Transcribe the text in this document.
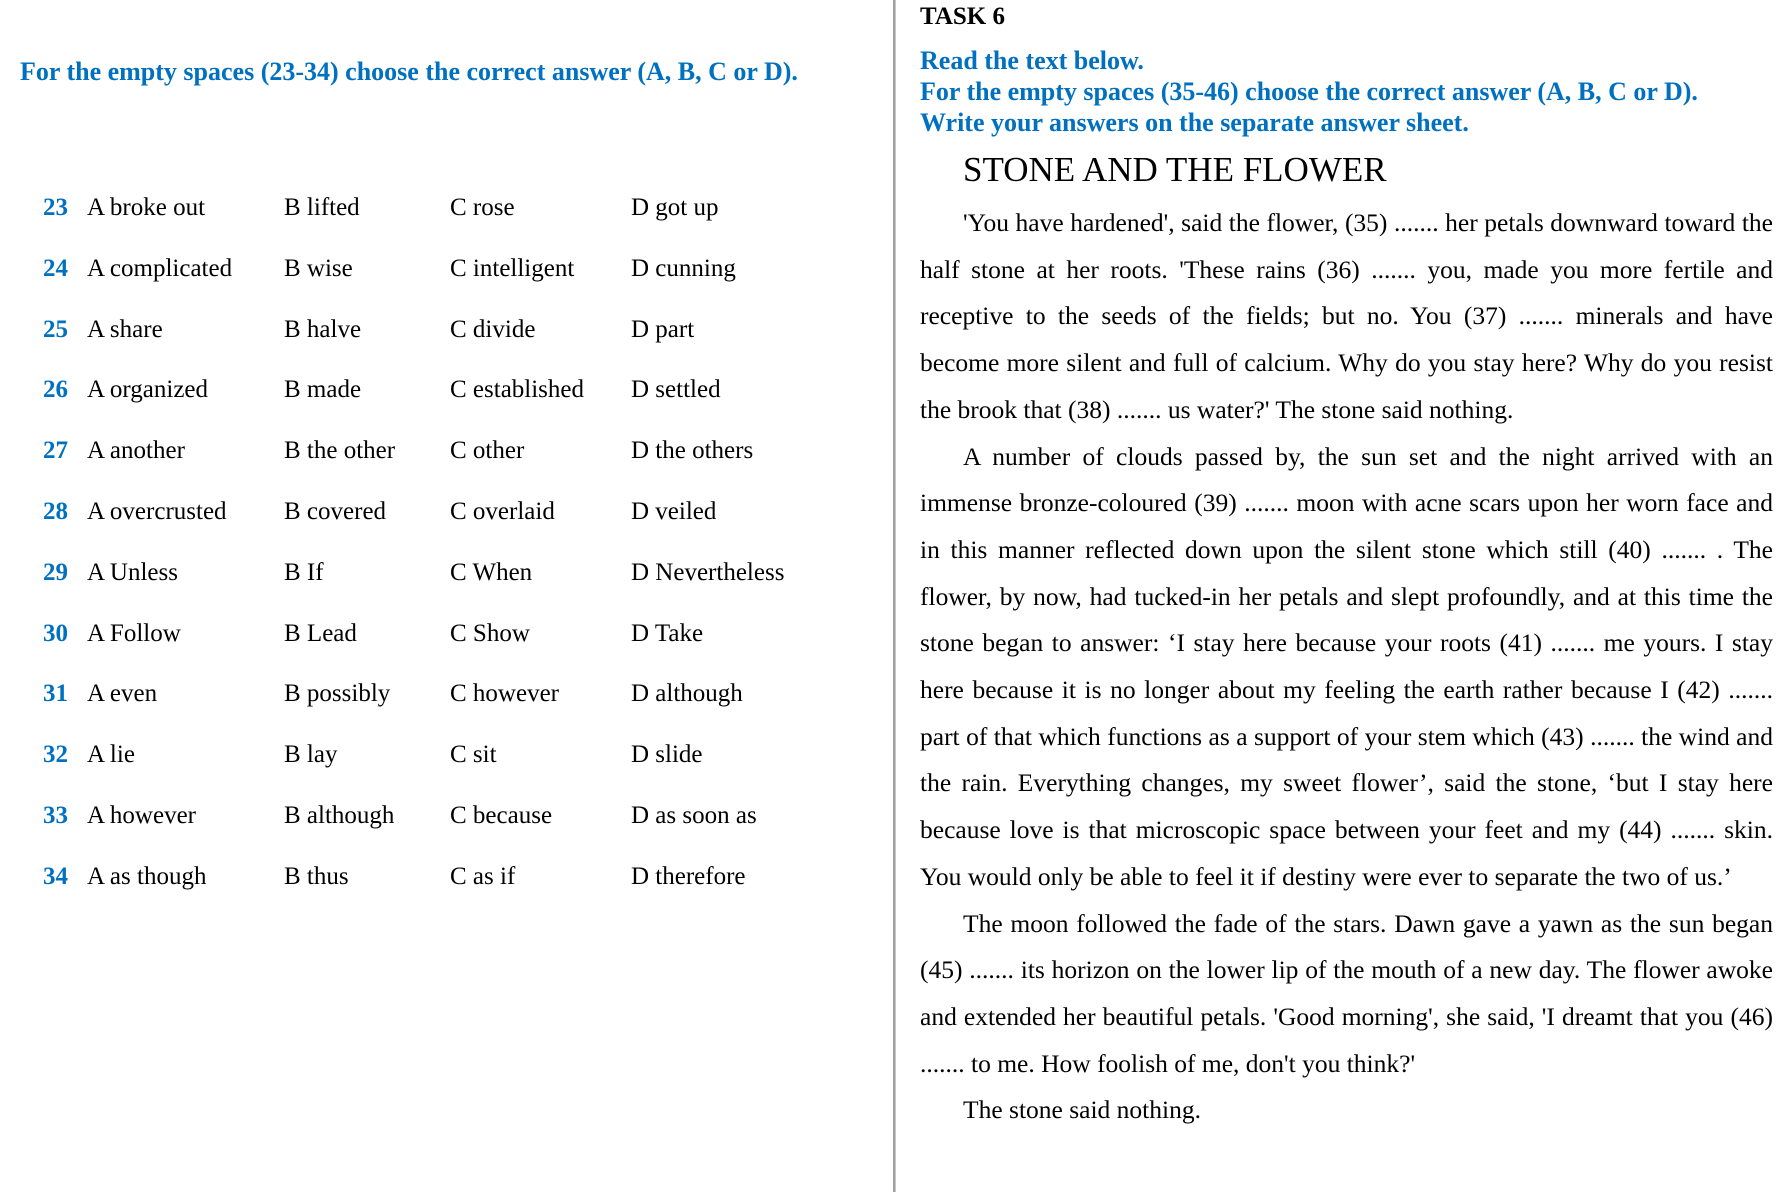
For the empty spaces (23-34) choose the correct answer (A, B, C or D).
23 A broke out	B lifted	C rose	D got up
24 A complicated B wise	C intelligent D cunning
25 A share	B halve	C divide	D part
26 A organized	B made	C established D settled
27 A another	B the other C other	D the others
28 A overcrusted B covered	C overlaid	D veiled
29 A Unless	B If	C When	D Nevertheless
30 A Follow	B Lead	C Show	D Take
31 A even	B possibly C however	D although
32 A lie	B lay	C sit	D slide
33 A however	B although C because	D as soon as
34 A as though	B thus	C as if	D therefore
TASK 6
Read the text below.
For the empty spaces (35-46) choose the correct answer (A, B, C or D).
Write your answers on the separate answer sheet.
STONE AND THE FLOWER

'You have hardened', said the flower, (35) ....... her petals downward toward the half stone at her roots. 'These rains (36) ....... you, made you more fertile and receptive to the seeds of the fields; but no. You (37) ....... minerals and have become more silent and full of calcium. Why do you stay here? Why do you resist the brook that (38) ....... us water?' The stone said nothing.

A number of clouds passed by, the sun set and the night arrived with an immense bronze-coloured (39) ....... moon with acne scars upon her worn face and in this manner reflected down upon the silent stone which still (40) ....... . The flower, by now, had tucked-in her petals and slept profoundly, and at this time the stone began to answer: ‘I stay here because your roots (41) ....... me yours. I stay here because it is no longer about my feeling the earth rather because I (42) ....... part of that which functions as a support of your stem which (43) ....... the wind and the rain. Everything changes, my sweet flower’, said the stone, ‘but I stay here because love is that microscopic space between your feet and my (44) ....... skin. You would only be able to feel it if destiny were ever to separate the two of us.’

The moon followed the fade of the stars. Dawn gave a yawn as the sun began (45) ....... its horizon on the lower lip of the mouth of a new day. The flower awoke and extended her beautiful petals. 'Good morning', she said, 'I dreamt that you (46) ....... to me. How foolish of me, don't you think?'

The stone said nothing.
